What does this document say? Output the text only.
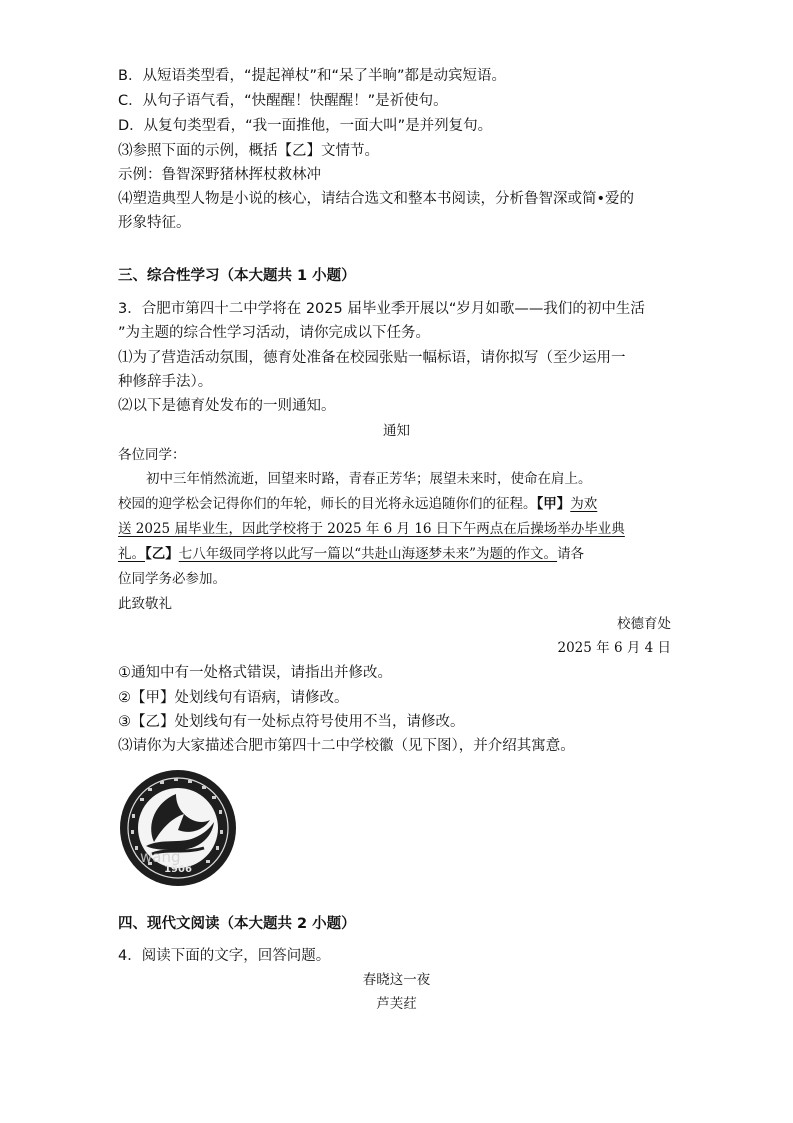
B．从短语类型看，“提起禅杖”和“呆了半晌”都是动宾短语。
C．从句子语气看，“快醒醒！快醒醒！”是祈使句。
D．从复句类型看，“我一面推他，一面大叫”是并列复句。
⑶参照下面的示例，概括【乙】文情节。
示例：鲁智深野猪林挥杖救林冲
⑷塑造典型人物是小说的核心，请结合选文和整本书阅读，分析鲁智深或简•爱的
形象特征。
三、综合性学习（本大题共 1 小题）
3．合肥市第四十二中学将在 2025 届毕业季开展以“岁月如歌——我们的初中生活
”为主题的综合性学习活动，请你完成以下任务。
⑴为了营造活动氛围，德育处准备在校园张贴一幅标语，请你拟写（至少运用一
种修辞手法）。
⑵以下是德育处发布的一则通知。
通知
各位同学：
初中三年悄然流逝，回望来时路，青春正芳华；展望未来时，使命在肩上。
校园的迎学松会记得你们的年轮，师长的目光将永远追随你们的征程。【甲】为欢
送 2025 届毕业生，因此学校将于 2025 年 6 月 16 日下午两点在后操场举办毕业典
礼。【乙】七八年级同学将以此写一篇以“共赴山海逐梦未来”为题的作文。请各
位同学务必参加。
此致敬礼
校德育处
2025 年 6 月 4 日
①通知中有一处格式错误，请指出并修改。
②【甲】处划线句有语病，请修改。
③【乙】处划线句有一处标点符号使用不当，请修改。
⑶请你为大家描述合肥市第四十二中学校徽（见下图），并介绍其寓意。
1906
wang
四、现代文阅读（本大题共 2 小题）
4．阅读下面的文字，回答问题。
春晓这一夜
芦芙荭
